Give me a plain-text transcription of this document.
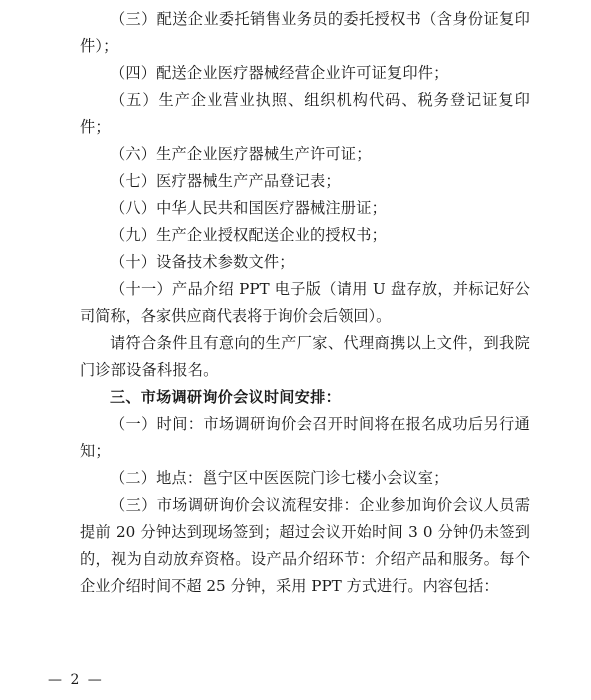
（三）配送企业委托销售业务员的委托授权书（含身份证复印件）；

（四）配送企业医疗器械经营企业许可证复印件；

（五）生产企业营业执照、组织机构代码、税务登记证复印件；

（六）生产企业医疗器械生产许可证；

（七）医疗器械生产产品登记表；

（八）中华人民共和国医疗器械注册证；

（九）生产企业授权配送企业的授权书；

（十）设备技术参数文件；

（十一）产品介绍 PPT 电子版（请用 U 盘存放，并标记好公司简称，各家供应商代表将于询价会后领回）。

请符合条件且有意向的生产厂家、代理商携以上文件，到我院门诊部设备科报名。

三、市场调研询价会议时间安排：

（一）时间：市场调研询价会召开时间将在报名成功后另行通知；

（二）地点：邕宁区中医医院门诊七楼小会议室；

（三）市场调研询价会议流程安排：企业参加询价会议人员需提前 20 分钟达到现场签到；超过会议开始时间 3 0 分钟仍未签到的，视为自动放弃资格。设产品介绍环节：介绍产品和服务。每个企业介绍时间不超 25 分钟，采用 PPT 方式进行。内容包括：

— 2 —
